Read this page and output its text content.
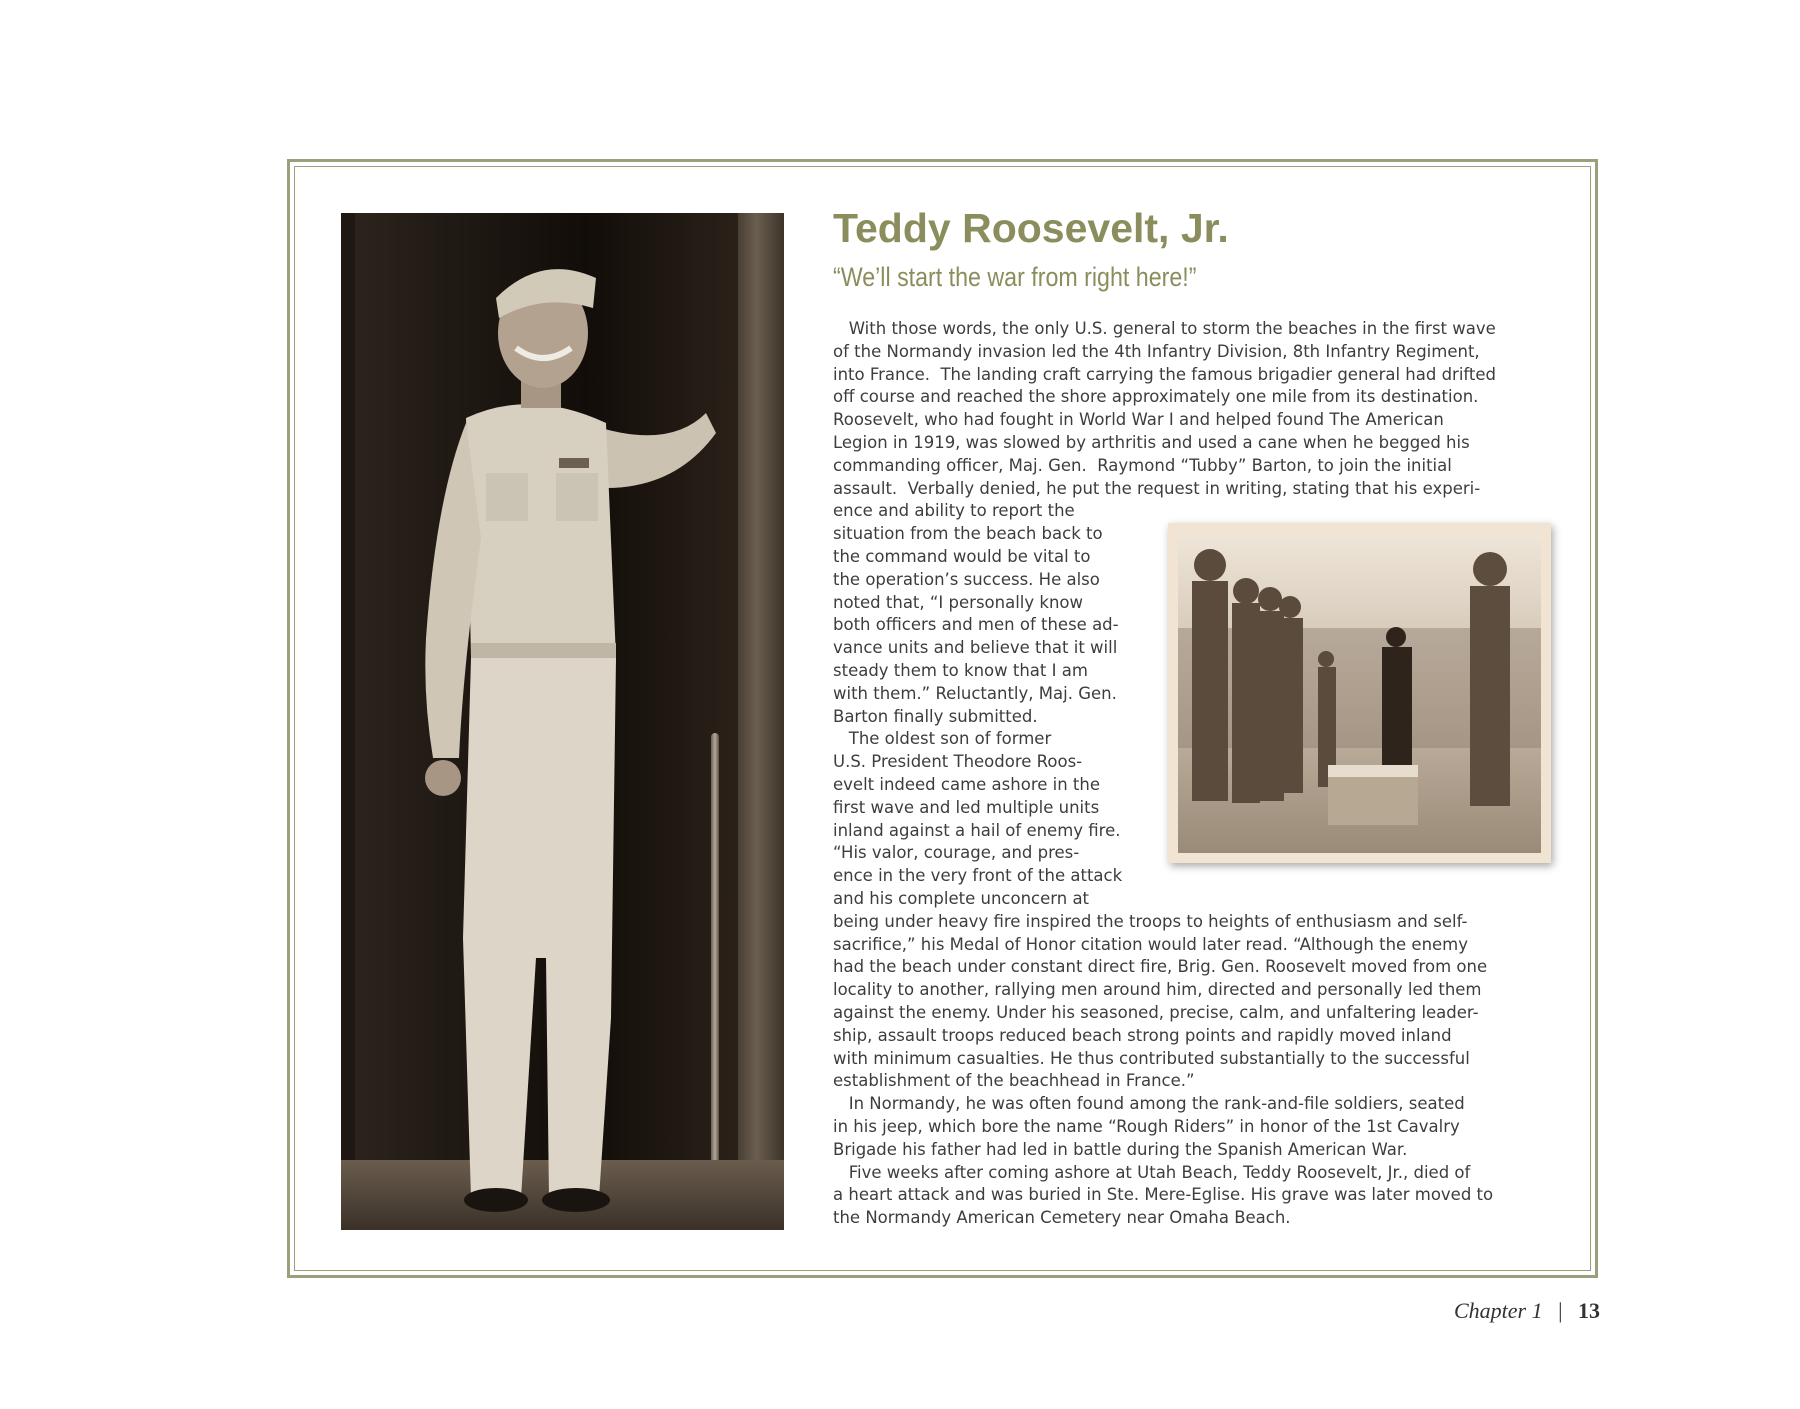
Teddy Roosevelt, Jr.

“We’ll start the war from right here!”

With those words, the only U.S. general to storm the beaches in the first wave

of the Normandy invasion led the 4th Infantry Division, 8th Infantry Regiment,

into France.  The landing craft carrying the famous brigadier general had drifted

off course and reached the shore approximately one mile from its destination.

Roosevelt, who had fought in World War I and helped found The American

Legion in 1919, was slowed by arthritis and used a cane when he begged his

commanding officer, Maj. Gen.  Raymond “Tubby” Barton, to join the initial

assault.  Verbally denied, he put the request in writing, stating that his experi-

ence and ability to report the

situation from the beach back to

the command would be vital to

the operation’s success. He also

noted that, “I personally know

both officers and men of these ad-

vance units and believe that it will

steady them to know that I am

with them.” Reluctantly, Maj. Gen.

Barton finally submitted.

The oldest son of former

U.S. President Theodore Roos-

evelt indeed came ashore in the

first wave and led multiple units

inland against a hail of enemy fire.

“His valor, courage, and pres-

ence in the very front of the attack

and his complete unconcern at

being under heavy fire inspired the troops to heights of enthusiasm and self-

sacrifice,” his Medal of Honor citation would later read. “Although the enemy

had the beach under constant direct fire, Brig. Gen. Roosevelt moved from one

locality to another, rallying men around him, directed and personally led them

against the enemy. Under his seasoned, precise, calm, and unfaltering leader-

ship, assault troops reduced beach strong points and rapidly moved inland

with minimum casualties. He thus contributed substantially to the successful

establishment of the beachhead in France.”

In Normandy, he was often found among the rank-and-file soldiers, seated

in his jeep, which bore the name “Rough Riders” in honor of the 1st Cavalry

Brigade his father had led in battle during the Spanish American War.

Five weeks after coming ashore at Utah Beach, Teddy Roosevelt, Jr., died of

a heart attack and was buried in Ste. Mere-Eglise. His grave was later moved to

the Normandy American Cemetery near Omaha Beach.

Chapter 1 | 13
